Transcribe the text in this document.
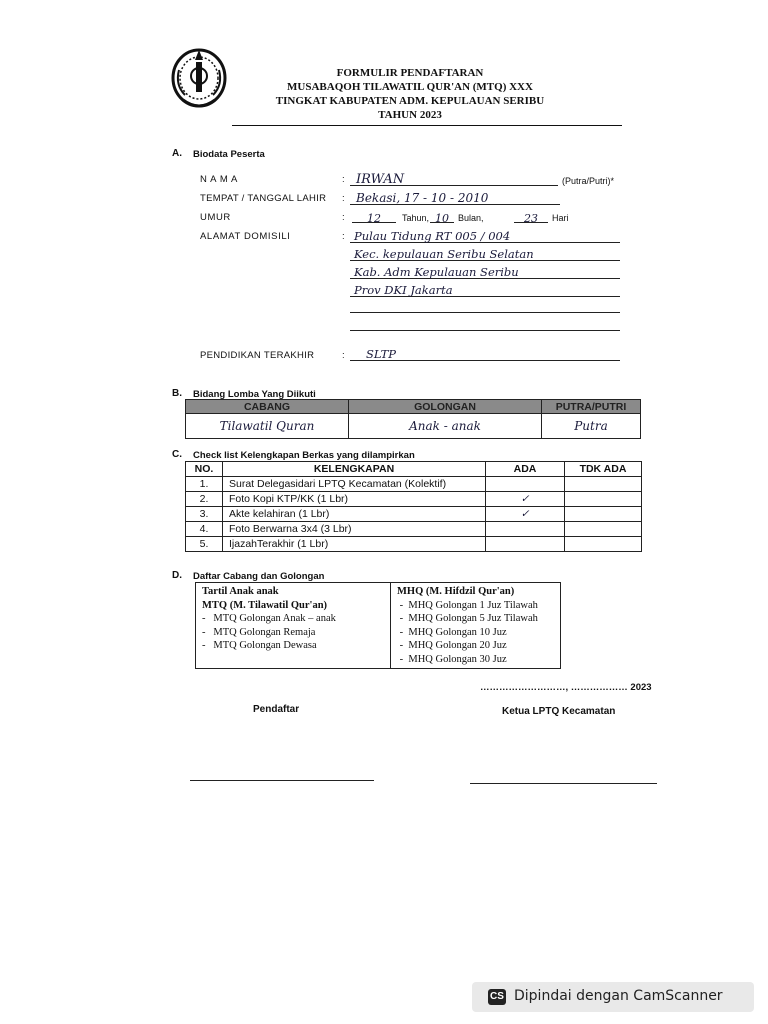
FORMULIR PENDAFTARAN
MUSABAQOH TILAWATIL QUR'AN (MTQ) XXX
TINGKAT KABUPATEN ADM. KEPULAUAN SERIBU
TAHUN 2023
A. Biodata Peserta
N A M A	: IRWAN	(Putra/Putri)*
TEMPAT / TANGGAL LAHIR : Bekasi, 17 - 10 - 2010
UMUR	:	12	Tahun, 10	Bulan,	23	Hari
ALAMAT DOMISILI	: Pulau Tidung RT 005 / 004
Kec. kepulauan Seribu Selatan
Kab. Adm Kepulauan Seribu
Prov DKI Jakarta
PENDIDIKAN TERAKHIR	:	SLTP
B. Bidang Lomba Yang Diikuti
CABANG	GOLONGAN	PUTRA/PUTRI
Tilawatil Quran	Anak - anak	Putra
C. Check list Kelengkapan Berkas yang dilampirkan
NO.	KELENGKAPAN	ADA	TDK ADA
1.	Surat Delegasidari LPTQ Kecamatan (Kolektif)		
2.	Foto Kopi KTP/KK (1 Lbr)	✓	
3.	Akte kelahiran (1 Lbr)	✓	
4.	Foto Berwarna 3x4 (3 Lbr)		
5.	IjazahTerakhir (1 Lbr)		
D. Daftar Cabang dan Golongan
Tartil Anak anak
MTQ (M. Tilawatil Qur'an)
- MTQ Golongan Anak – anak
- MTQ Golongan Remaja
- MTQ Golongan Dewasa

MHQ (M. Hifdzil Qur'an)
- MHQ Golongan 1 Juz Tilawah
- MHQ Golongan 5 Juz Tilawah
- MHQ Golongan 10 Juz
- MHQ Golongan 20 Juz
- MHQ Golongan 30 Juz
………………………, ……………… 2023
Pendaftar	Ketua LPTQ Kecamatan
CS Dipindai dengan CamScanner
